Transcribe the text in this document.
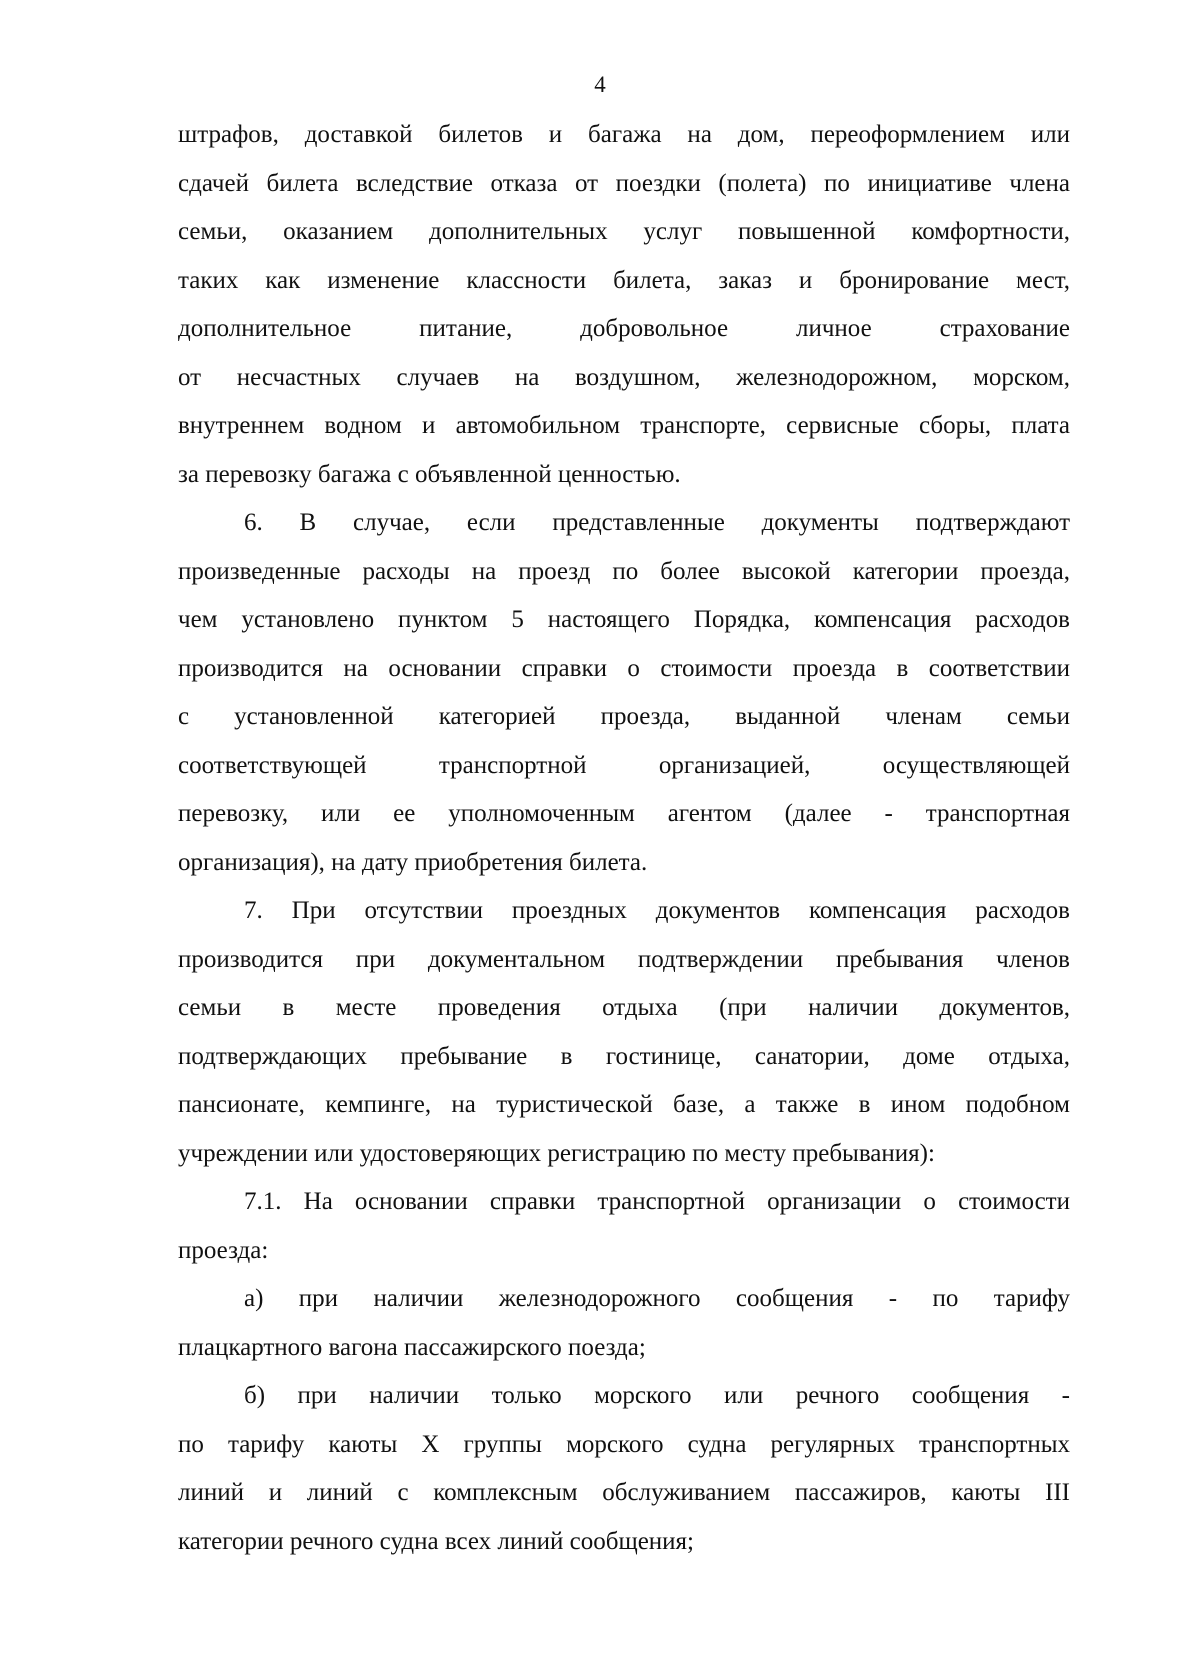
4
штрафов, доставкой билетов и багажа на дом, переоформлением или
сдачей билета вследствие отказа от поездки (полета) по инициативе члена
семьи, оказанием дополнительных услуг повышенной комфортности,
таких как изменение классности билета, заказ и бронирование мест,
дополнительное питание, добровольное личное страхование
от несчастных случаев на воздушном, железнодорожном, морском,
внутреннем водном и автомобильном транспорте, сервисные сборы, плата
за перевозку багажа с объявленной ценностью.
6. В случае, если представленные документы подтверждают
произведенные расходы на проезд по более высокой категории проезда,
чем установлено пунктом 5 настоящего Порядка, компенсация расходов
производится на основании справки о стоимости проезда в соответствии
с установленной категорией проезда, выданной членам семьи
соответствующей транспортной организацией, осуществляющей
перевозку, или ее уполномоченным агентом (далее - транспортная
организация), на дату приобретения билета.
7. При отсутствии проездных документов компенсация расходов
производится при документальном подтверждении пребывания членов
семьи в месте проведения отдыха (при наличии документов,
подтверждающих пребывание в гостинице, санатории, доме отдыха,
пансионате, кемпинге, на туристической базе, а также в ином подобном
учреждении или удостоверяющих регистрацию по месту пребывания):
7.1. На основании справки транспортной организации о стоимости
проезда:
а) при наличии железнодорожного сообщения - по тарифу
плацкартного вагона пассажирского поезда;
б) при наличии только морского или речного сообщения -
по тарифу каюты X группы морского судна регулярных транспортных
линий и линий с комплексным обслуживанием пассажиров, каюты III
категории речного судна всех линий сообщения;
